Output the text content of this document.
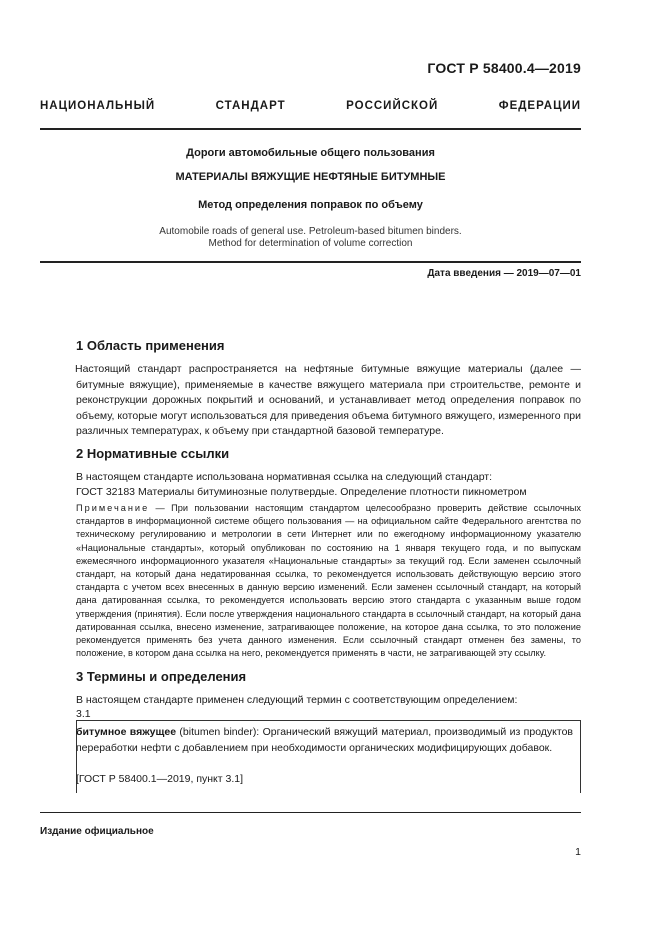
ГОСТ Р 58400.4—2019
НАЦИОНАЛЬНЫЙ СТАНДАРТ РОССИЙСКОЙ ФЕДЕРАЦИИ
Дороги автомобильные общего пользования
МАТЕРИАЛЫ ВЯЖУЩИЕ НЕФТЯНЫЕ БИТУМНЫЕ
Метод определения поправок по объему
Automobile roads of general use. Petroleum-based bitumen binders.
Method for determination of volume correction
Дата введения — 2019—07—01
1 Область применения
Настоящий стандарт распространяется на нефтяные битумные вяжущие материалы (далее — битумные вяжущие), применяемые в качестве вяжущего материала при строительстве, ремонте и реконструкции дорожных покрытий и оснований, и устанавливает метод определения поправок по объему, которые могут использоваться для приведения объема битумного вяжущего, измеренного при различных температурах, к объему при стандартной базовой температуре.
2 Нормативные ссылки
В настоящем стандарте использована нормативная ссылка на следующий стандарт:
ГОСТ 32183 Материалы битуминозные полутвердые. Определение плотности пикнометром
Примечание — При пользовании настоящим стандартом целесообразно проверить действие ссылочных стандартов в информационной системе общего пользования — на официальном сайте Федерального агентства по техническому регулированию и метрологии в сети Интернет или по ежегодному информационному указателю «Национальные стандарты», который опубликован по состоянию на 1 января текущего года, и по выпускам ежемесячного информационного указателя «Национальные стандарты» за текущий год. Если заменен ссылочный стандарт, на который дана недатированная ссылка, то рекомендуется использовать действующую версию этого стандарта с учетом всех внесенных в данную версию изменений. Если заменен ссылочный стандарт, на который дана датированная ссылка, то рекомендуется использовать версию этого стандарта с указанным выше годом утверждения (принятия). Если после утверждения национального стандарта в ссылочный стандарт, на который дана датированная ссылка, внесено изменение, затрагивающее положение, на которое дана ссылка, то это положение рекомендуется применять без учета данного изменения. Если ссылочный стандарт отменен без замены, то положение, в котором дана ссылка на него, рекомендуется применять в части, не затрагивающей эту ссылку.
3 Термины и определения
В настоящем стандарте применен следующий термин с соответствующим определением:
3.1
битумное вяжущее (bitumen binder): Органический вяжущий материал, производимый из продуктов переработки нефти с добавлением при необходимости органических модифицирующих добавок.
[ГОСТ Р 58400.1—2019, пункт 3.1]
Издание официальное
1
